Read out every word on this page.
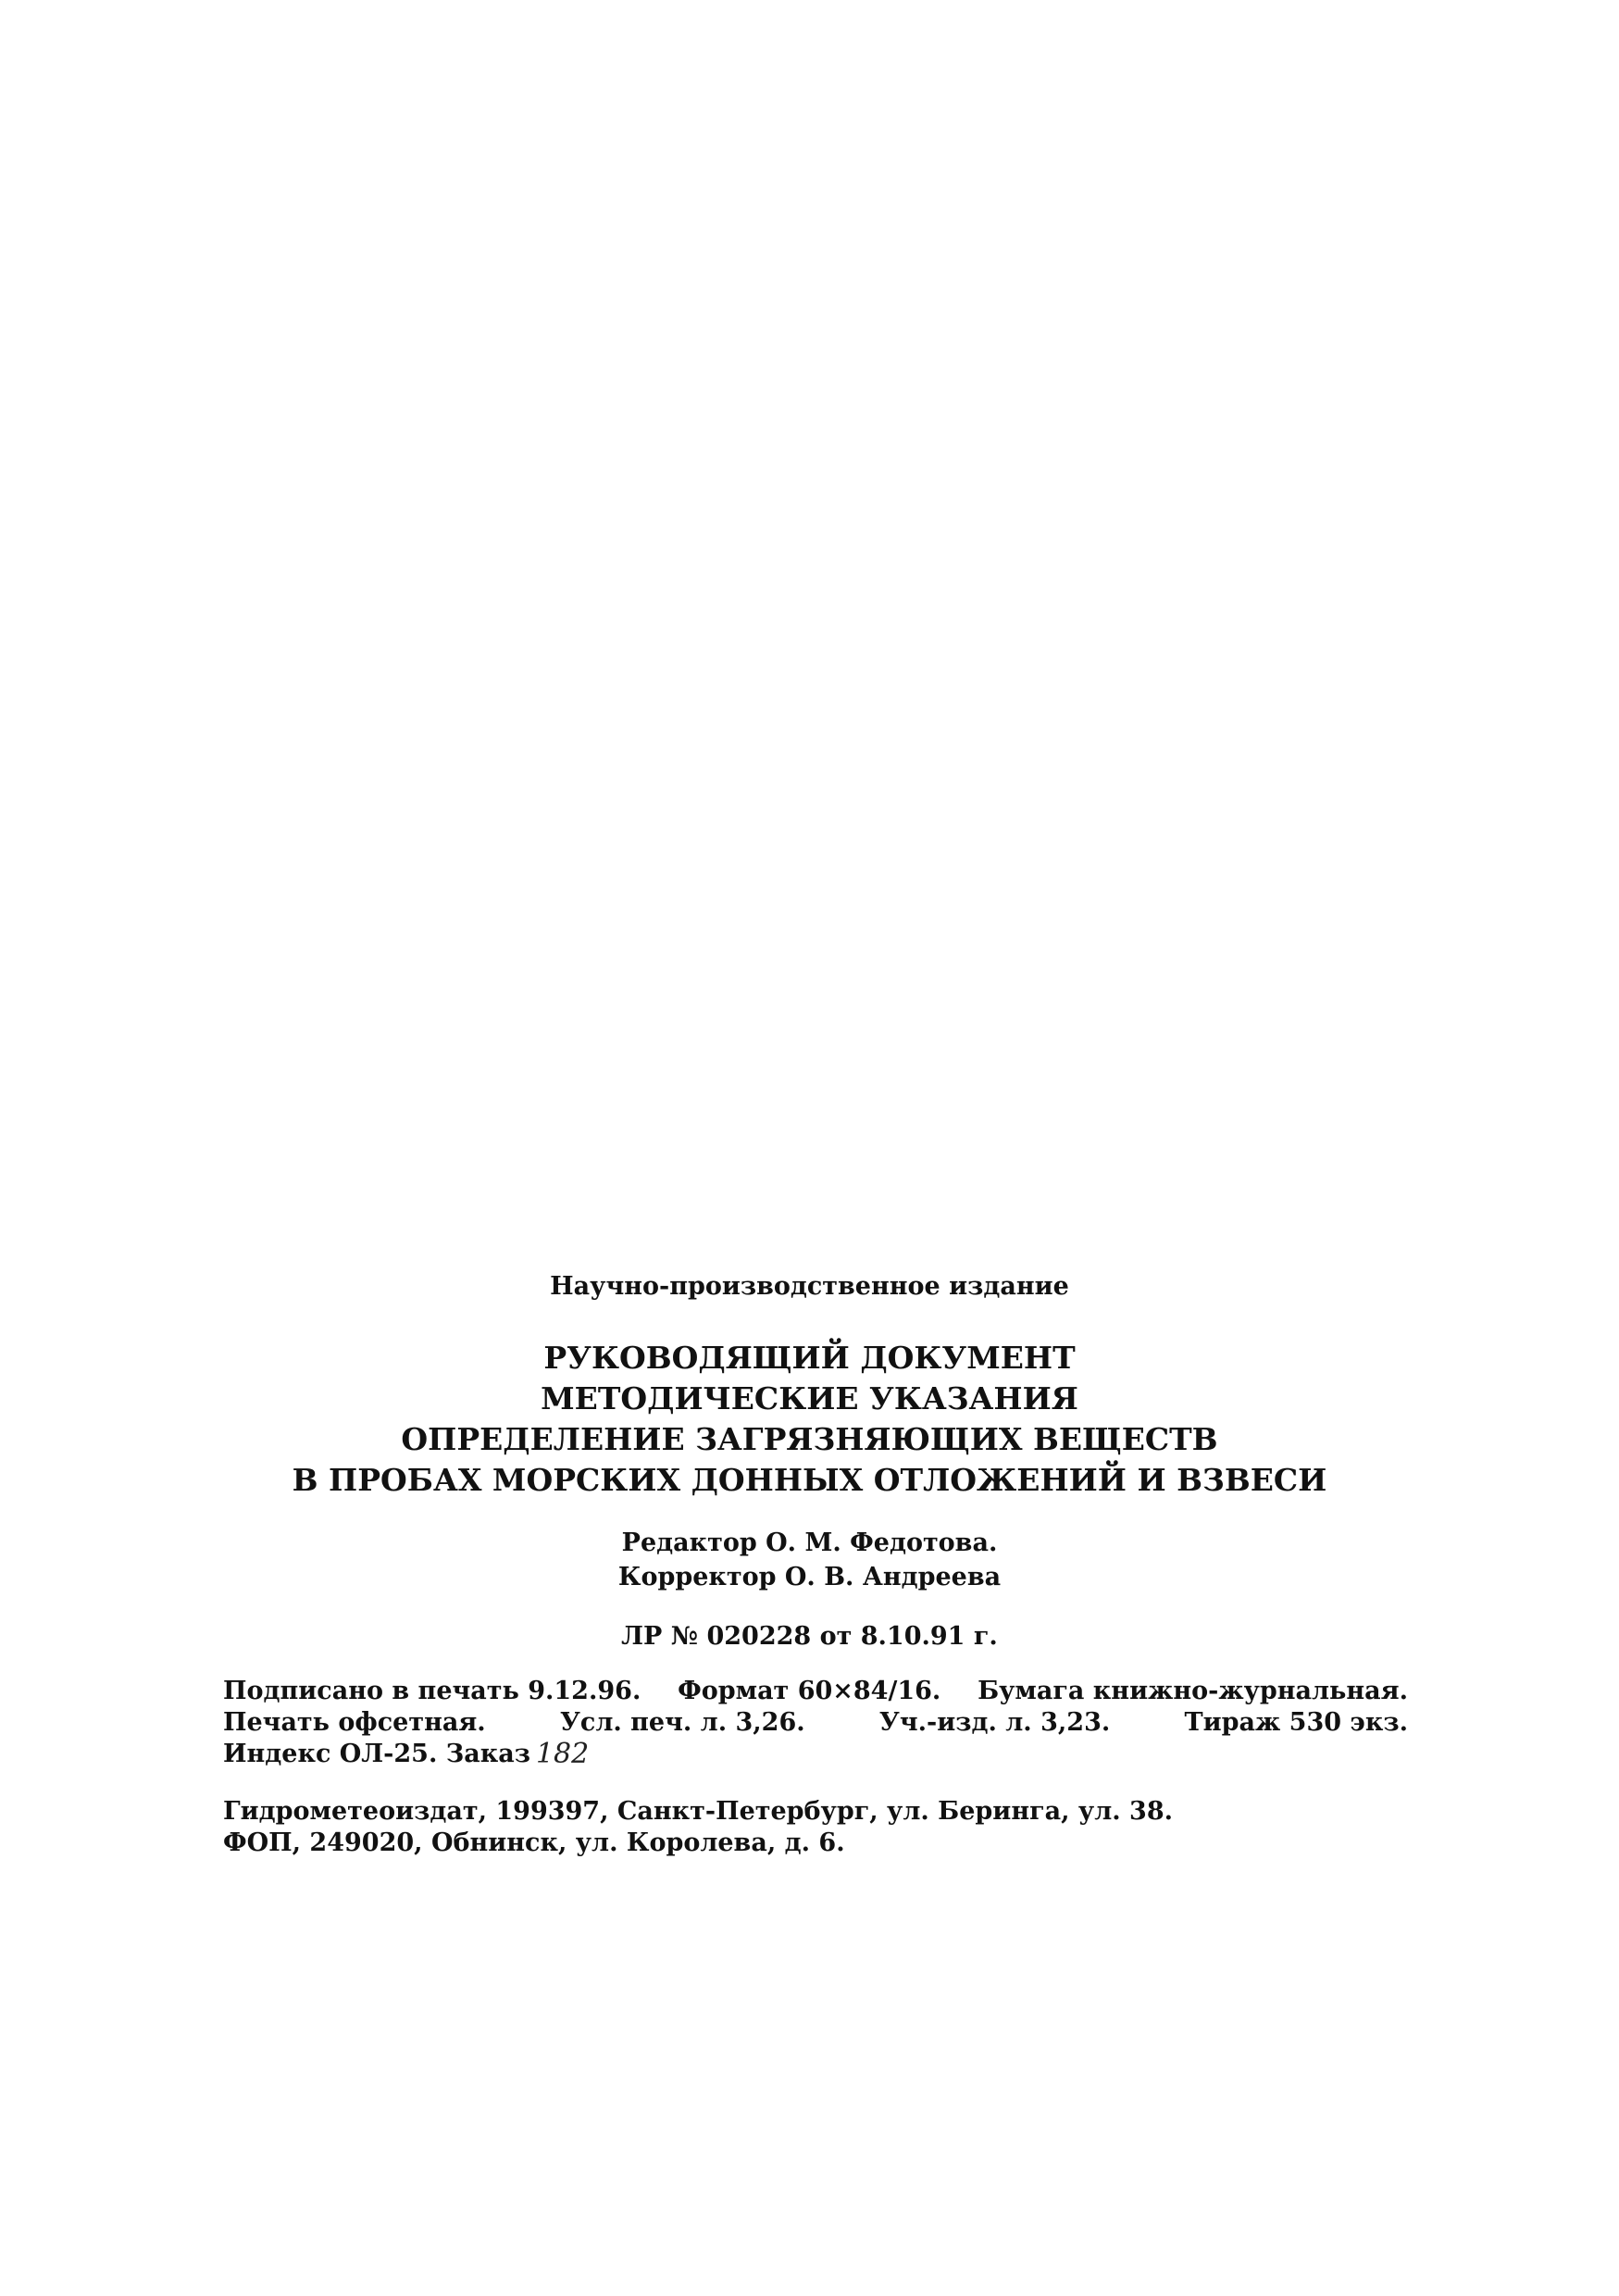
Научно-производственное издание
РУКОВОДЯЩИЙ ДОКУМЕНТ
МЕТОДИЧЕСКИЕ УКАЗАНИЯ
ОПРЕДЕЛЕНИЕ ЗАГРЯЗНЯЮЩИХ ВЕЩЕСТВ
В ПРОБАХ МОРСКИХ ДОННЫХ ОТЛОЖЕНИЙ И ВЗВЕСИ
Редактор О. М. Федотова.
Корректор О. В. Андреева
ЛР № 020228 от 8.10.91 г.
Подписано в печать 9.12.96. Формат 60×84/16. Бумага книжно-журнальная.
Печать офсетная.	Усл. печ. л. 3,26.	Уч.-изд. л. 3,23.	Тираж 530 экз.
Индекс ОЛ-25. Заказ 182
Гидрометеоиздат, 199397, Санкт-Петербург, ул. Беринга, ул. 38.
ФОП, 249020, Обнинск, ул. Королева, д. 6.
